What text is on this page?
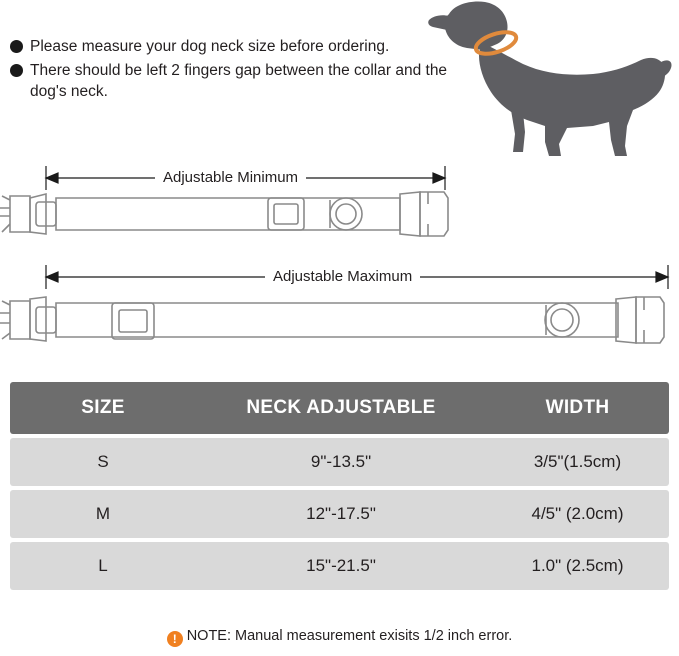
Please measure your dog neck size before ordering.
There should be left 2 fingers gap between the collar and the dog's neck.
NECK
Adjustable Minimum
Adjustable Maximum
SIZE	NECK ADJUSTABLE	WIDTH
S	9"-13.5"	3/5"(1.5cm)
M	12"-17.5"	4/5" (2.0cm)
L	15"-21.5"	1.0" (2.5cm)
! NOTE: Manual measurement exisits 1/2 inch error.
